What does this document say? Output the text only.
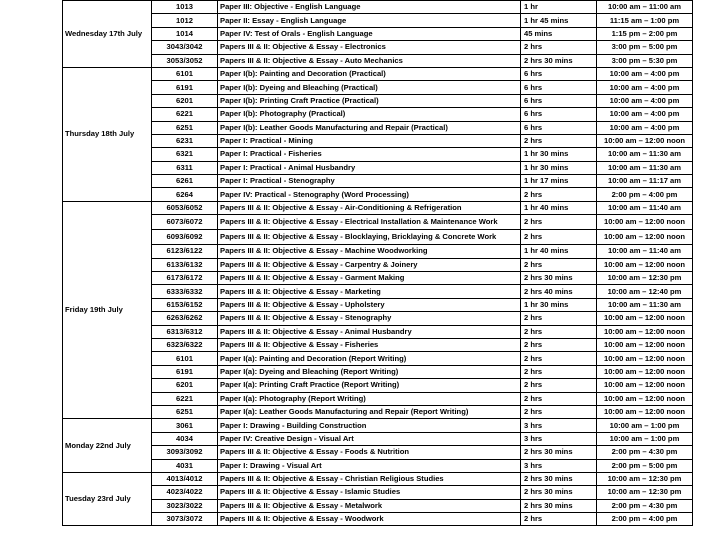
Wednesday 17th July	1013	Paper III: Objective - English Language	1 hr	10:00 am – 11:00 am
	1012	Paper II: Essay - English Language	1 hr 45 mins	11:15 am – 1:00 pm
	1014	Paper IV: Test of Orals - English Language	45 mins	1:15 pm – 2:00 pm
	3043/3042	Papers III & II: Objective & Essay - Electronics	2 hrs	3:00 pm – 5:00 pm
	3053/3052	Papers III & II: Objective & Essay - Auto Mechanics	2 hrs 30 mins	3:00 pm – 5:30 pm
Thursday 18th July	6101	Paper I(b): Painting and Decoration (Practical)	6 hrs	10:00 am – 4:00 pm
	6191	Paper I(b): Dyeing and Bleaching (Practical)	6 hrs	10:00 am – 4:00 pm
	6201	Paper I(b): Printing Craft Practice (Practical)	6 hrs	10:00 am – 4:00 pm
	6221	Paper I(b): Photography (Practical)	6 hrs	10:00 am – 4:00 pm
	6251	Paper I(b): Leather Goods Manufacturing and Repair (Practical)	6 hrs	10:00 am – 4:00 pm
	6231	Paper I: Practical - Mining	2 hrs	10:00 am – 12:00 noon
	6321	Paper I: Practical - Fisheries	1 hr 30 mins	10:00 am – 11:30 am
	6311	Paper I: Practical - Animal Husbandry	1 hr 30 mins	10:00 am – 11:30 am
	6261	Paper I: Practical - Stenography	1 hr 17 mins	10:00 am – 11:17 am
	6264	Paper IV: Practical - Stenography (Word Processing)	2 hrs	2:00 pm – 4:00 pm
Friday 19th July	6053/6052	Papers III & II: Objective & Essay - Air-Conditioning & Refrigeration	1 hr 40 mins	10:00 am – 11:40 am
	6073/6072	Papers III & II: Objective & Essay - Electrical Installation & Maintenance Work	2 hrs	10:00 am – 12:00 noon
	6093/6092	Papers III & II: Objective & Essay - Blocklaying, Bricklaying & Concrete Work	2 hrs	10:00 am – 12:00 noon
	6123/6122	Papers III & II: Objective & Essay - Machine Woodworking	1 hr 40 mins	10:00 am – 11:40 am
	6133/6132	Papers III & II: Objective & Essay - Carpentry & Joinery	2 hrs	10:00 am – 12:00 noon
	6173/6172	Papers III & II: Objective & Essay - Garment Making	2 hrs 30 mins	10:00 am – 12:30 pm
	6333/6332	Papers III & II: Objective & Essay - Marketing	2 hrs 40 mins	10:00 am – 12:40 pm
	6153/6152	Papers III & II: Objective & Essay - Upholstery	1 hr 30 mins	10:00 am – 11:30 am
	6263/6262	Papers III & II: Objective & Essay - Stenography	2 hrs	10:00 am – 12:00 noon
	6313/6312	Papers III & II: Objective & Essay - Animal Husbandry	2 hrs	10:00 am – 12:00 noon
	6323/6322	Papers III & II: Objective & Essay - Fisheries	2 hrs	10:00 am – 12:00 noon
	6101	Paper I(a): Painting and Decoration (Report Writing)	2 hrs	10:00 am – 12:00 noon
	6191	Paper I(a): Dyeing and Bleaching (Report Writing)	2 hrs	10:00 am – 12:00 noon
	6201	Paper I(a): Printing Craft Practice (Report Writing)	2 hrs	10:00 am – 12:00 noon
	6221	Paper I(a): Photography (Report Writing)	2 hrs	10:00 am – 12:00 noon
	6251	Paper I(a): Leather Goods Manufacturing and Repair (Report Writing)	2 hrs	10:00 am – 12:00 noon
Monday 22nd July	3061	Paper I: Drawing - Building Construction	3 hrs	10:00 am – 1:00 pm
	4034	Paper IV: Creative Design - Visual Art	3 hrs	10:00 am – 1:00 pm
	3093/3092	Papers III & II: Objective & Essay - Foods & Nutrition	2 hrs 30 mins	2:00 pm – 4:30 pm
	4031	Paper I: Drawing - Visual Art	3 hrs	2:00 pm – 5:00 pm
Tuesday 23rd July	4013/4012	Papers III & II: Objective & Essay - Christian Religious Studies	2 hrs 30 mins	10:00 am – 12:30 pm
	4023/4022	Papers III & II: Objective & Essay - Islamic Studies	2 hrs 30 mins	10:00 am – 12:30 pm
	3023/3022	Papers III & II: Objective & Essay - Metalwork	2 hrs 30 mins	2:00 pm – 4:30 pm
	3073/3072	Papers III & II: Objective & Essay - Woodwork	2 hrs	2:00 pm – 4:00 pm
